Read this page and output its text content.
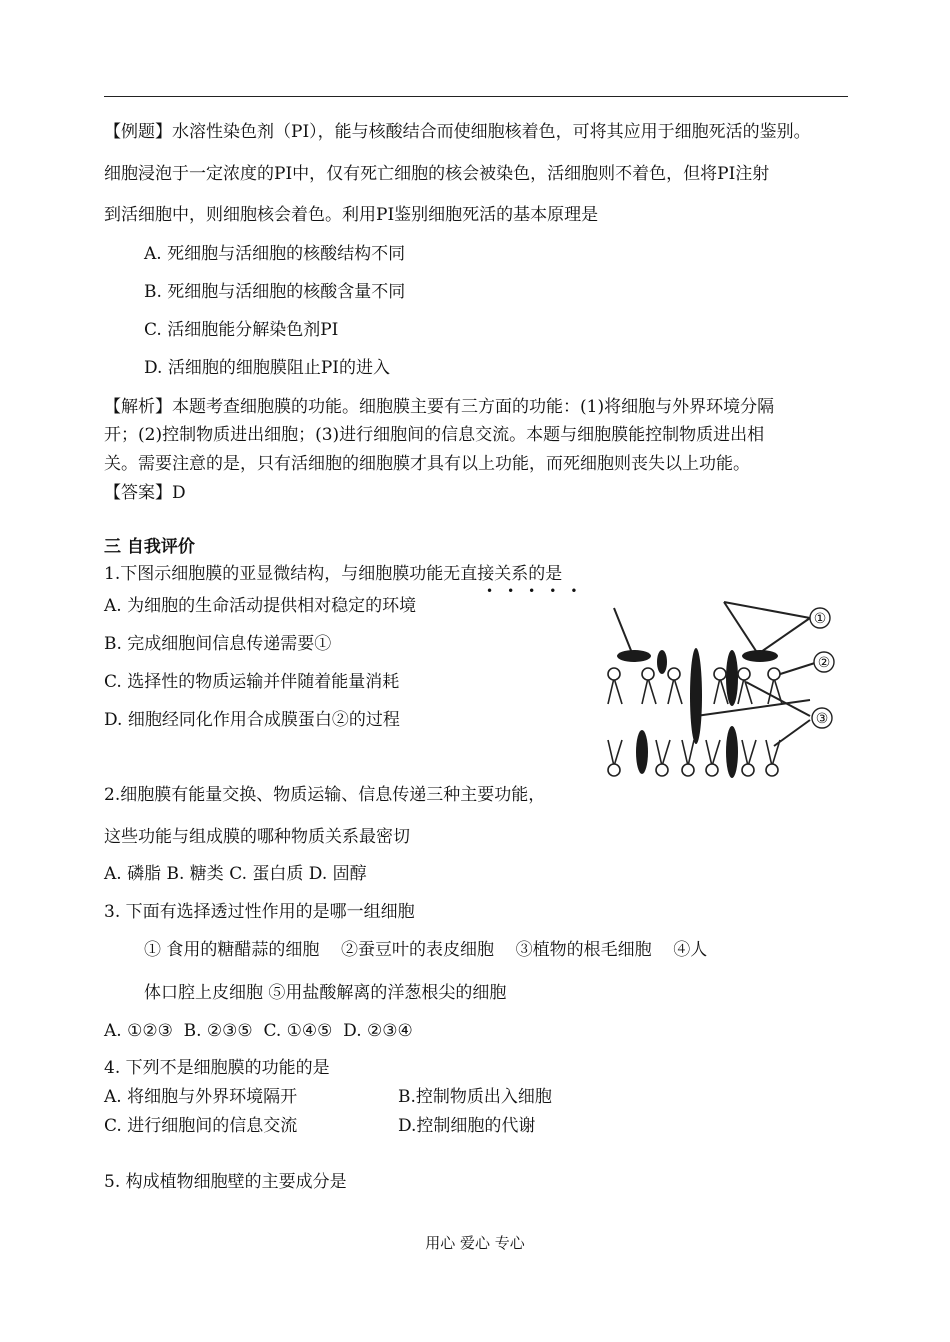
【例题】水溶性染色剂（PI），能与核酸结合而使细胞核着色，可将其应用于细胞死活的鉴别。
细胞浸泡于一定浓度的PI中，仅有死亡细胞的核会被染色，活细胞则不着色，但将PI注射
到活细胞中，则细胞核会着色。利用PI鉴别细胞死活的基本原理是
A. 死细胞与活细胞的核酸结构不同
B. 死细胞与活细胞的核酸含量不同
C. 活细胞能分解染色剂PI
D. 活细胞的细胞膜阻止PI的进入
【解析】本题考查细胞膜的功能。细胞膜主要有三方面的功能：(1)将细胞与外界环境分隔
开；(2)控制物质进出细胞；(3)进行细胞间的信息交流。本题与细胞膜能控制物质进出相
关。需要注意的是，只有活细胞的细胞膜才具有以上功能，而死细胞则丧失以上功能。
【答案】D
三 自我评价
1.下图示细胞膜的亚显微结构，与细胞膜功能无直接关系的是
•••••
A. 为细胞的生命活动提供相对稳定的环境
B. 完成细胞间信息传递需要①
C. 选择性的物质运输并伴随着能量消耗
D. 细胞经同化作用合成膜蛋白②的过程
①
②
③
2.细胞膜有能量交换、物质运输、信息传递三种主要功能，
这些功能与组成膜的哪种物质关系最密切
A. 磷脂 B. 糖类 C. 蛋白质 D. 固醇
3. 下面有选择透过性作用的是哪一组细胞
① 食用的糖醋蒜的细胞    ②蚕豆叶的表皮细胞    ③植物的根毛细胞    ④人
体口腔上皮细胞 ⑤用盐酸解离的洋葱根尖的细胞
A. ①②③  B. ②③⑤  C. ①④⑤  D. ②③④
4. 下列不是细胞膜的功能的是
A. 将细胞与外界环境隔开	B.控制物质出入细胞
C. 进行细胞间的信息交流	D.控制细胞的代谢
5. 构成植物细胞壁的主要成分是
用心 爱心 专心
